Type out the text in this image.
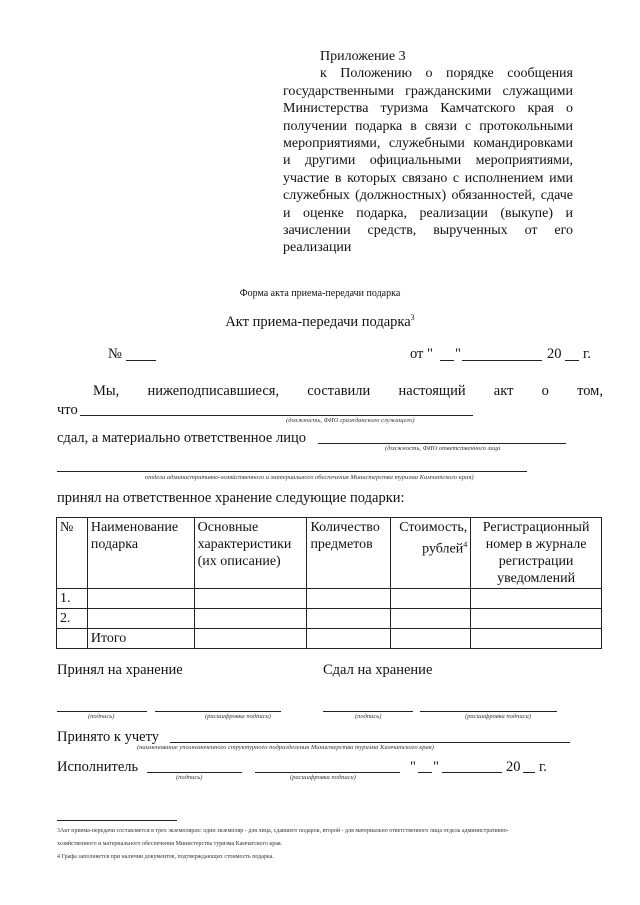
Приложение 3

к Положению о порядке сообщения государственными гражданскими служащими Министерства туризма Камчатского края о получении подарка в связи с протокольными мероприятиями, служебными командировками и другими официальными мероприятиями, участие в которых связано с исполнением ими служебных (должностных) обязанностей, сдаче и оценке подарка, реализации (выкупе) и зачислении средств, вырученных от его реализации

Форма акта приема-передачи подарка
Акт приема-передачи подарка$^3$
№	от " "	20 г.
Мы, нижеподписавшиеся, составили настоящий акт о том,
что
(должность, ФИО гражданского служащего)
сдал, а материально ответственное лицо
(должность, ФИО ответственного лица
отдела административно-хозяйственного и материального обеспечения Министерства туризма Камчатского края)
принял на ответственное хранение следующие подарки:
№	Наименование подарка	Основные характеристики (их описание)	Количество предметов	Стоимость, рублей$^4$	Регистрационный номер в журнале регистрации уведомлений
1.					
2.					
	Итого				
Принял на хранение	Сдал на хранение
(подпись)	(расшифровка подписи)	(подпись)	(расшифровка подписи)
Принято к учету
(наименование уполномоченного структурного подразделения Министерства туризма Камчатского края)
Исполнитель
(подпись)	(расшифровка подписи)
" "	20 г.
3Акт приема-передачи составляется в трех экземплярах: один экземпляр - для лица, сдавшего подарок, второй - для материально ответственного лица отдела административно-
хозяйственного и материального обеспечения Министерства туризма Камчатского края.
4 Графа заполняется при наличии документов, подтверждающих стоимость подарка.
